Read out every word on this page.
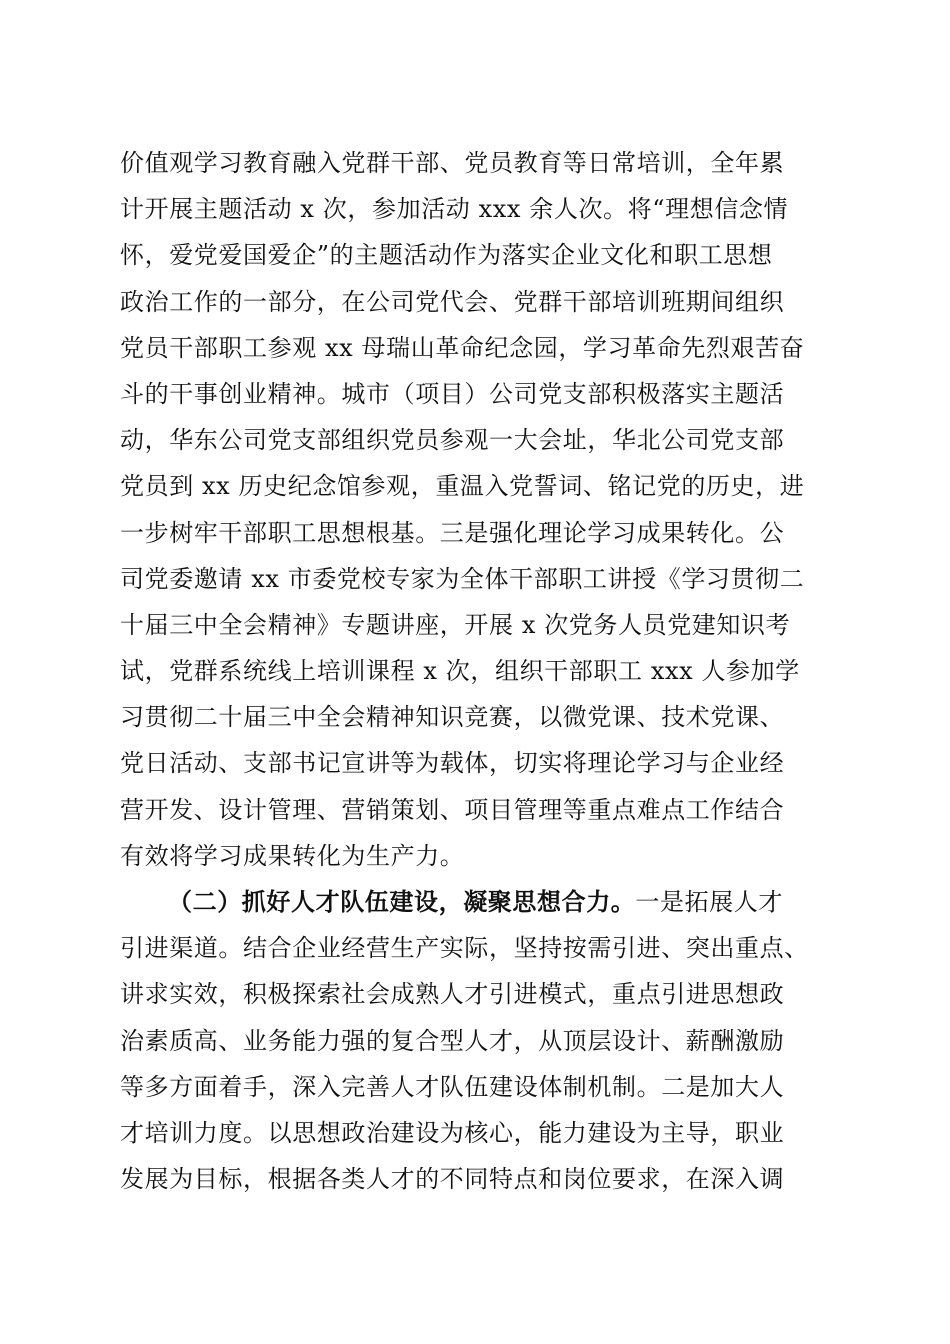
价值观学习教育融入党群干部、党员教育等日常培训，全年累
计开展主题活动 x 次，参加活动 xxx 余人次。将“理想信念情
怀，爱党爱国爱企”的主题活动作为落实企业文化和职工思想
政治工作的一部分，在公司党代会、党群干部培训班期间组织
党员干部职工参观 xx 母瑞山革命纪念园，学习革命先烈艰苦奋
斗的干事创业精神。城市（项目）公司党支部积极落实主题活
动，华东公司党支部组织党员参观一大会址，华北公司党支部
党员到 xx 历史纪念馆参观，重温入党誓词、铭记党的历史，进
一步树牢干部职工思想根基。三是强化理论学习成果转化。公
司党委邀请 xx 市委党校专家为全体干部职工讲授《学习贯彻二
十届三中全会精神》专题讲座，开展 x 次党务人员党建知识考
试，党群系统线上培训课程 x 次，组织干部职工 xxx 人参加学
习贯彻二十届三中全会精神知识竞赛，以微党课、技术党课、
党日活动、支部书记宣讲等为载体，切实将理论学习与企业经
营开发、设计管理、营销策划、项目管理等重点难点工作结合
有效将学习成果转化为生产力。
（二）抓好人才队伍建设，凝聚思想合力。一是拓展人才
引进渠道。结合企业经营生产实际，坚持按需引进、突出重点、
讲求实效，积极探索社会成熟人才引进模式，重点引进思想政
治素质高、业务能力强的复合型人才，从顶层设计、薪酬激励
等多方面着手，深入完善人才队伍建设体制机制。二是加大人
才培训力度。以思想政治建设为核心，能力建设为主导，职业
发展为目标，根据各类人才的不同特点和岗位要求，在深入调
